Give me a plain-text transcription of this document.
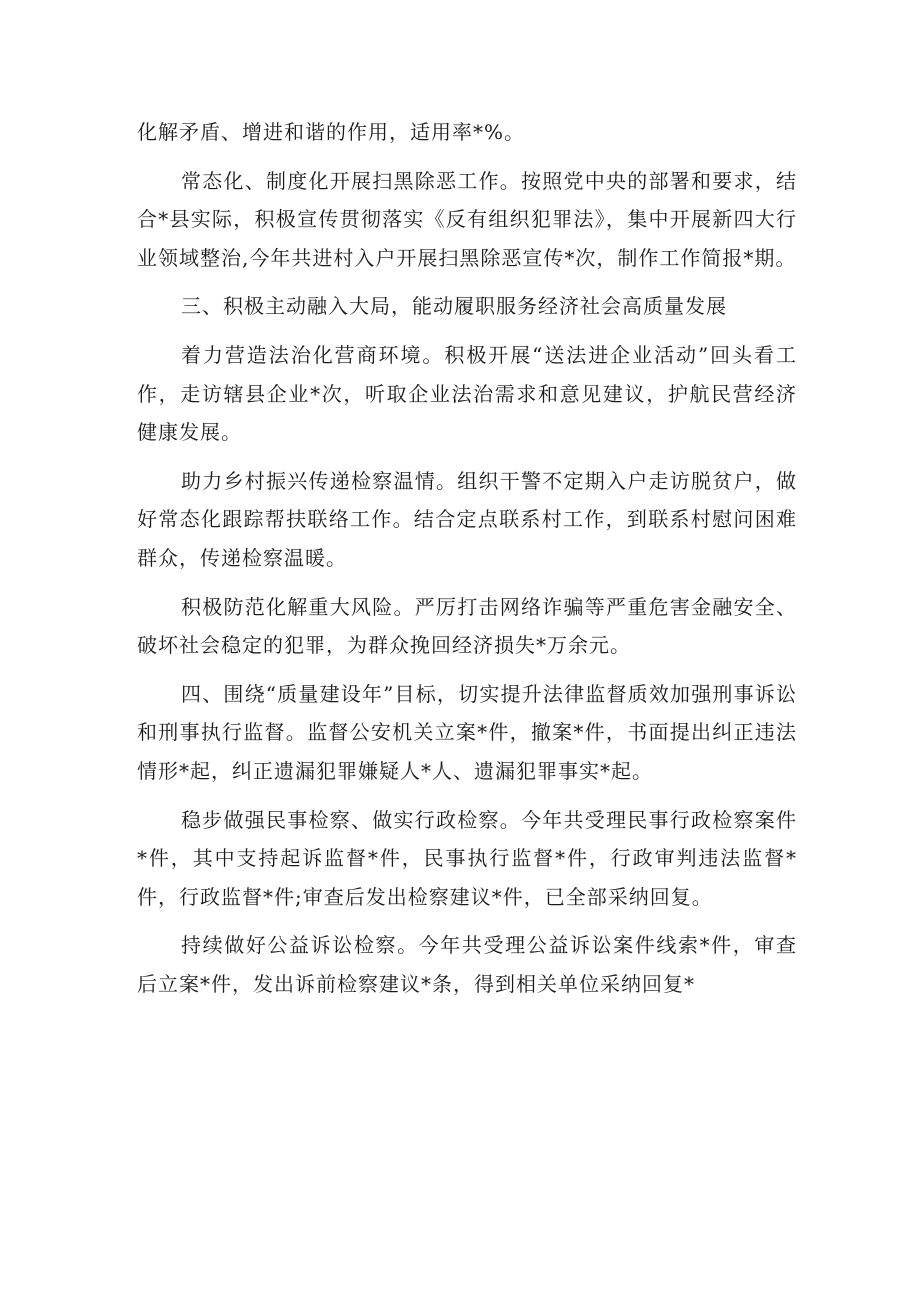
化解矛盾、增进和谐的作用，适用率*%。

常态化、制度化开展扫黑除恶工作。按照党中央的部署和要求，结合*县实际，积极宣传贯彻落实《反有组织犯罪法》，集中开展新四大行业领域整治,今年共进村入户开展扫黑除恶宣传*次，制作工作简报*期。

三、积极主动融入大局，能动履职服务经济社会高质量发展

着力营造法治化营商环境。积极开展“送法进企业活动”回头看工作，走访辖县企业*次，听取企业法治需求和意见建议，护航民营经济健康发展。

助力乡村振兴传递检察温情。组织干警不定期入户走访脱贫户，做好常态化跟踪帮扶联络工作。结合定点联系村工作，到联系村慰问困难群众，传递检察温暖。

积极防范化解重大风险。严厉打击网络诈骗等严重危害金融安全、破坏社会稳定的犯罪，为群众挽回经济损失*万余元。

四、围绕“质量建设年”目标，切实提升法律监督质效加强刑事诉讼和刑事执行监督。监督公安机关立案*件，撤案*件，书面提出纠正违法情形*起，纠正遗漏犯罪嫌疑人*人、遗漏犯罪事实*起。

稳步做强民事检察、做实行政检察。今年共受理民事行政检察案件*件，其中支持起诉监督*件，民事执行监督*件，行政审判违法监督*件，行政监督*件;审查后发出检察建议*件，已全部采纳回复。

持续做好公益诉讼检察。今年共受理公益诉讼案件线索*件，审查后立案*件，发出诉前检察建议*条，得到相关单位采纳回复*
